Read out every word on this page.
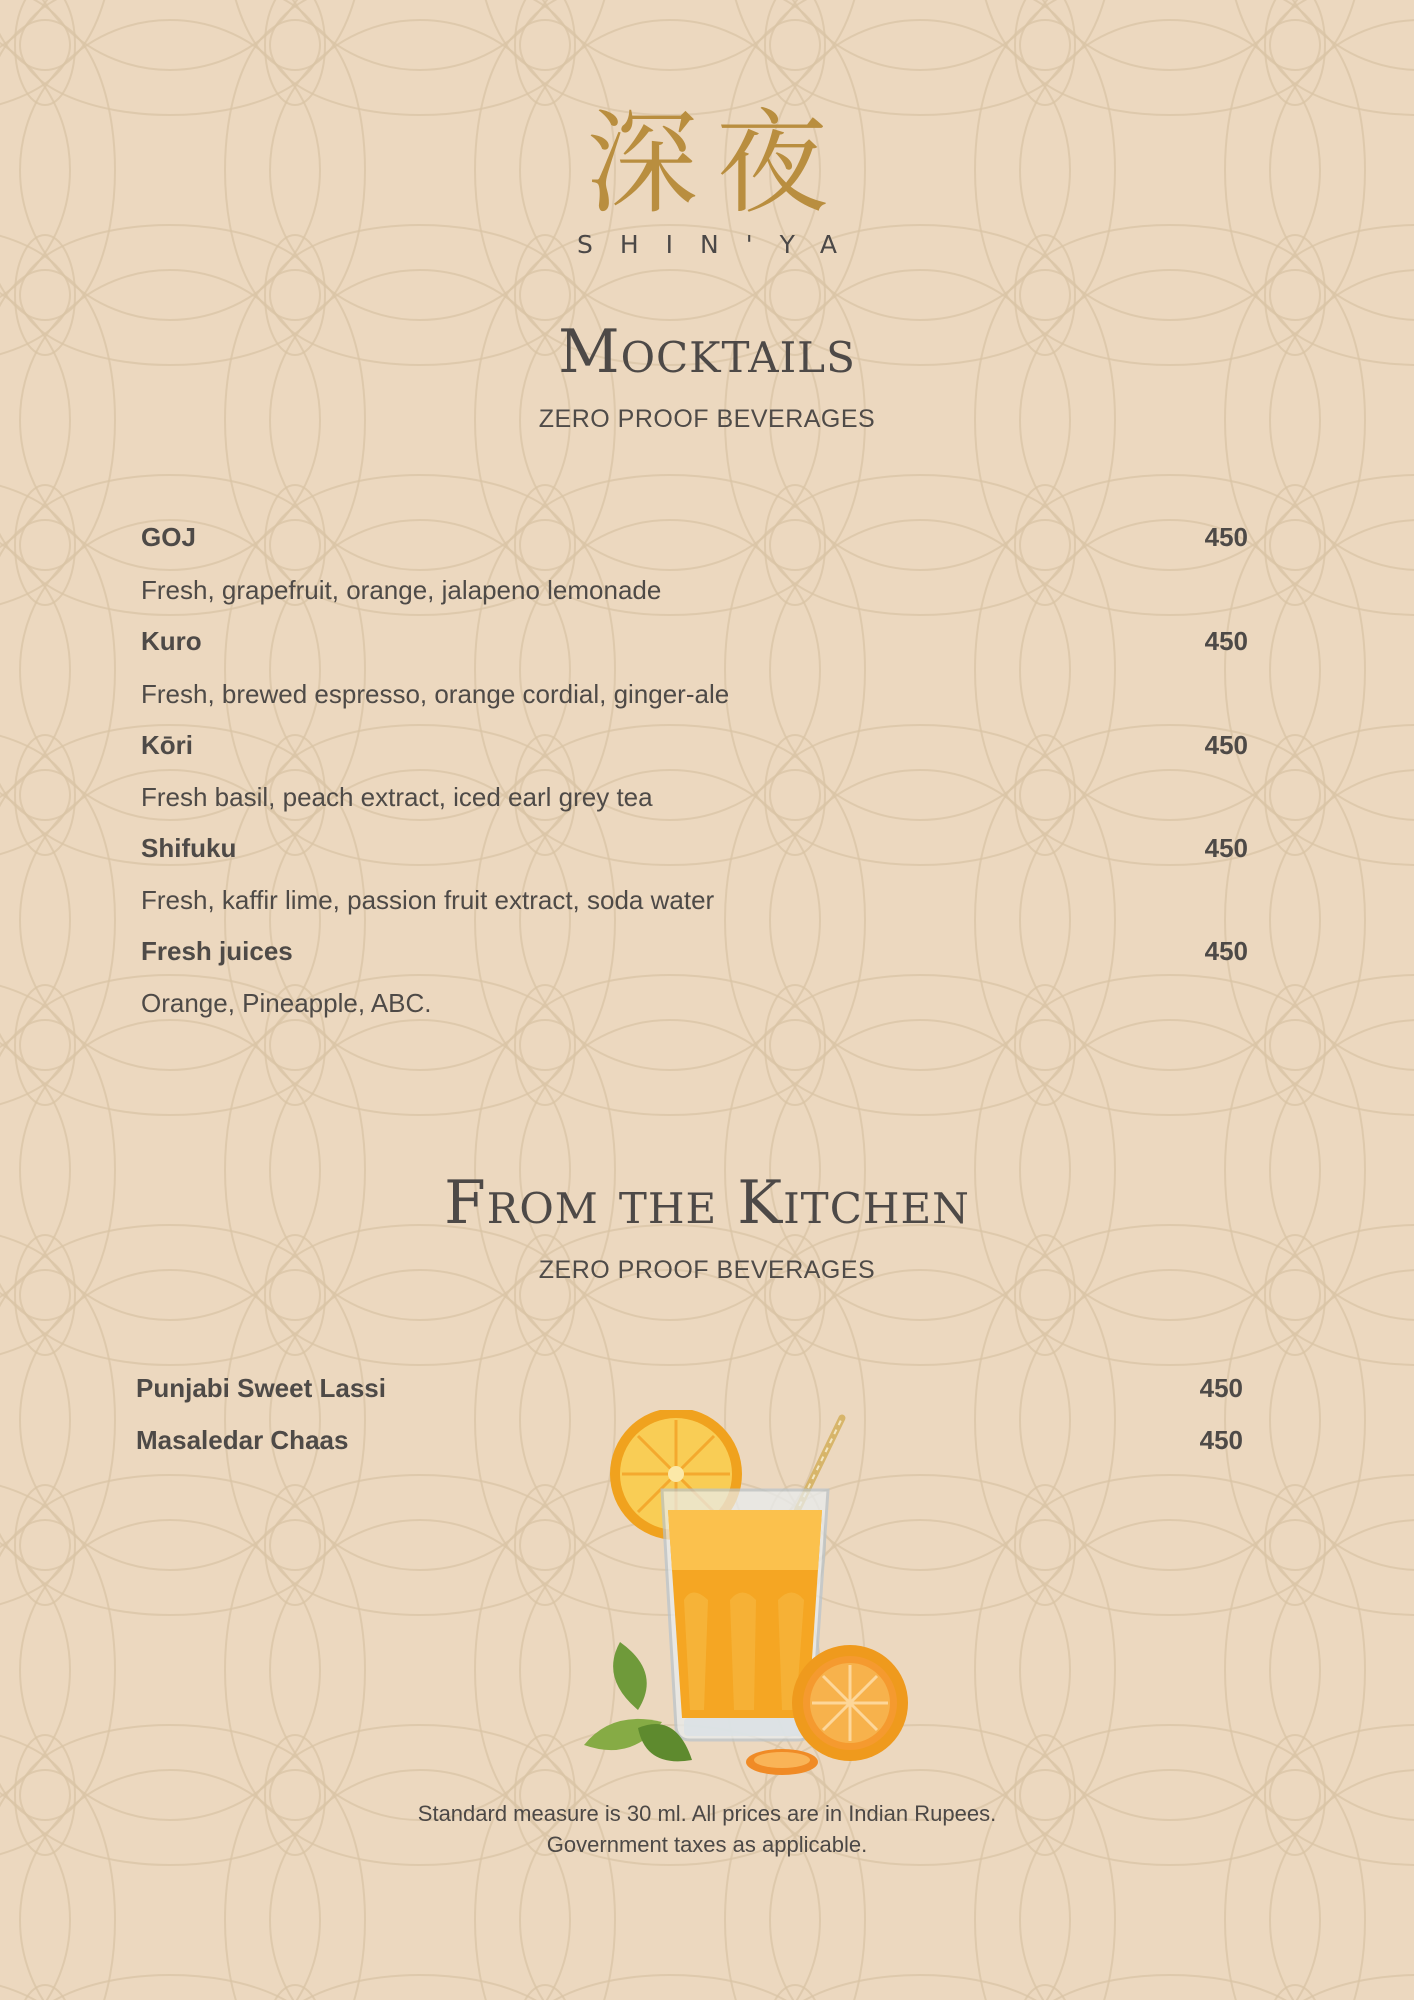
深夜
SHIN'YA
Mocktails
ZERO PROOF BEVERAGES
GOJ	450
Fresh, grapefruit, orange, jalapeno lemonade
Kuro	450
Fresh, brewed espresso, orange cordial, ginger-ale
Kōri	450
Fresh basil, peach extract, iced earl grey tea
Shifuku	450
Fresh, kaffir lime, passion fruit extract, soda water
Fresh juices	450
Orange, Pineapple, ABC.
From the Kitchen
ZERO PROOF BEVERAGES
Punjabi Sweet Lassi	450
Masaledar Chaas	450
Standard measure is 30 ml. All prices are in Indian Rupees.
Government taxes as applicable.
